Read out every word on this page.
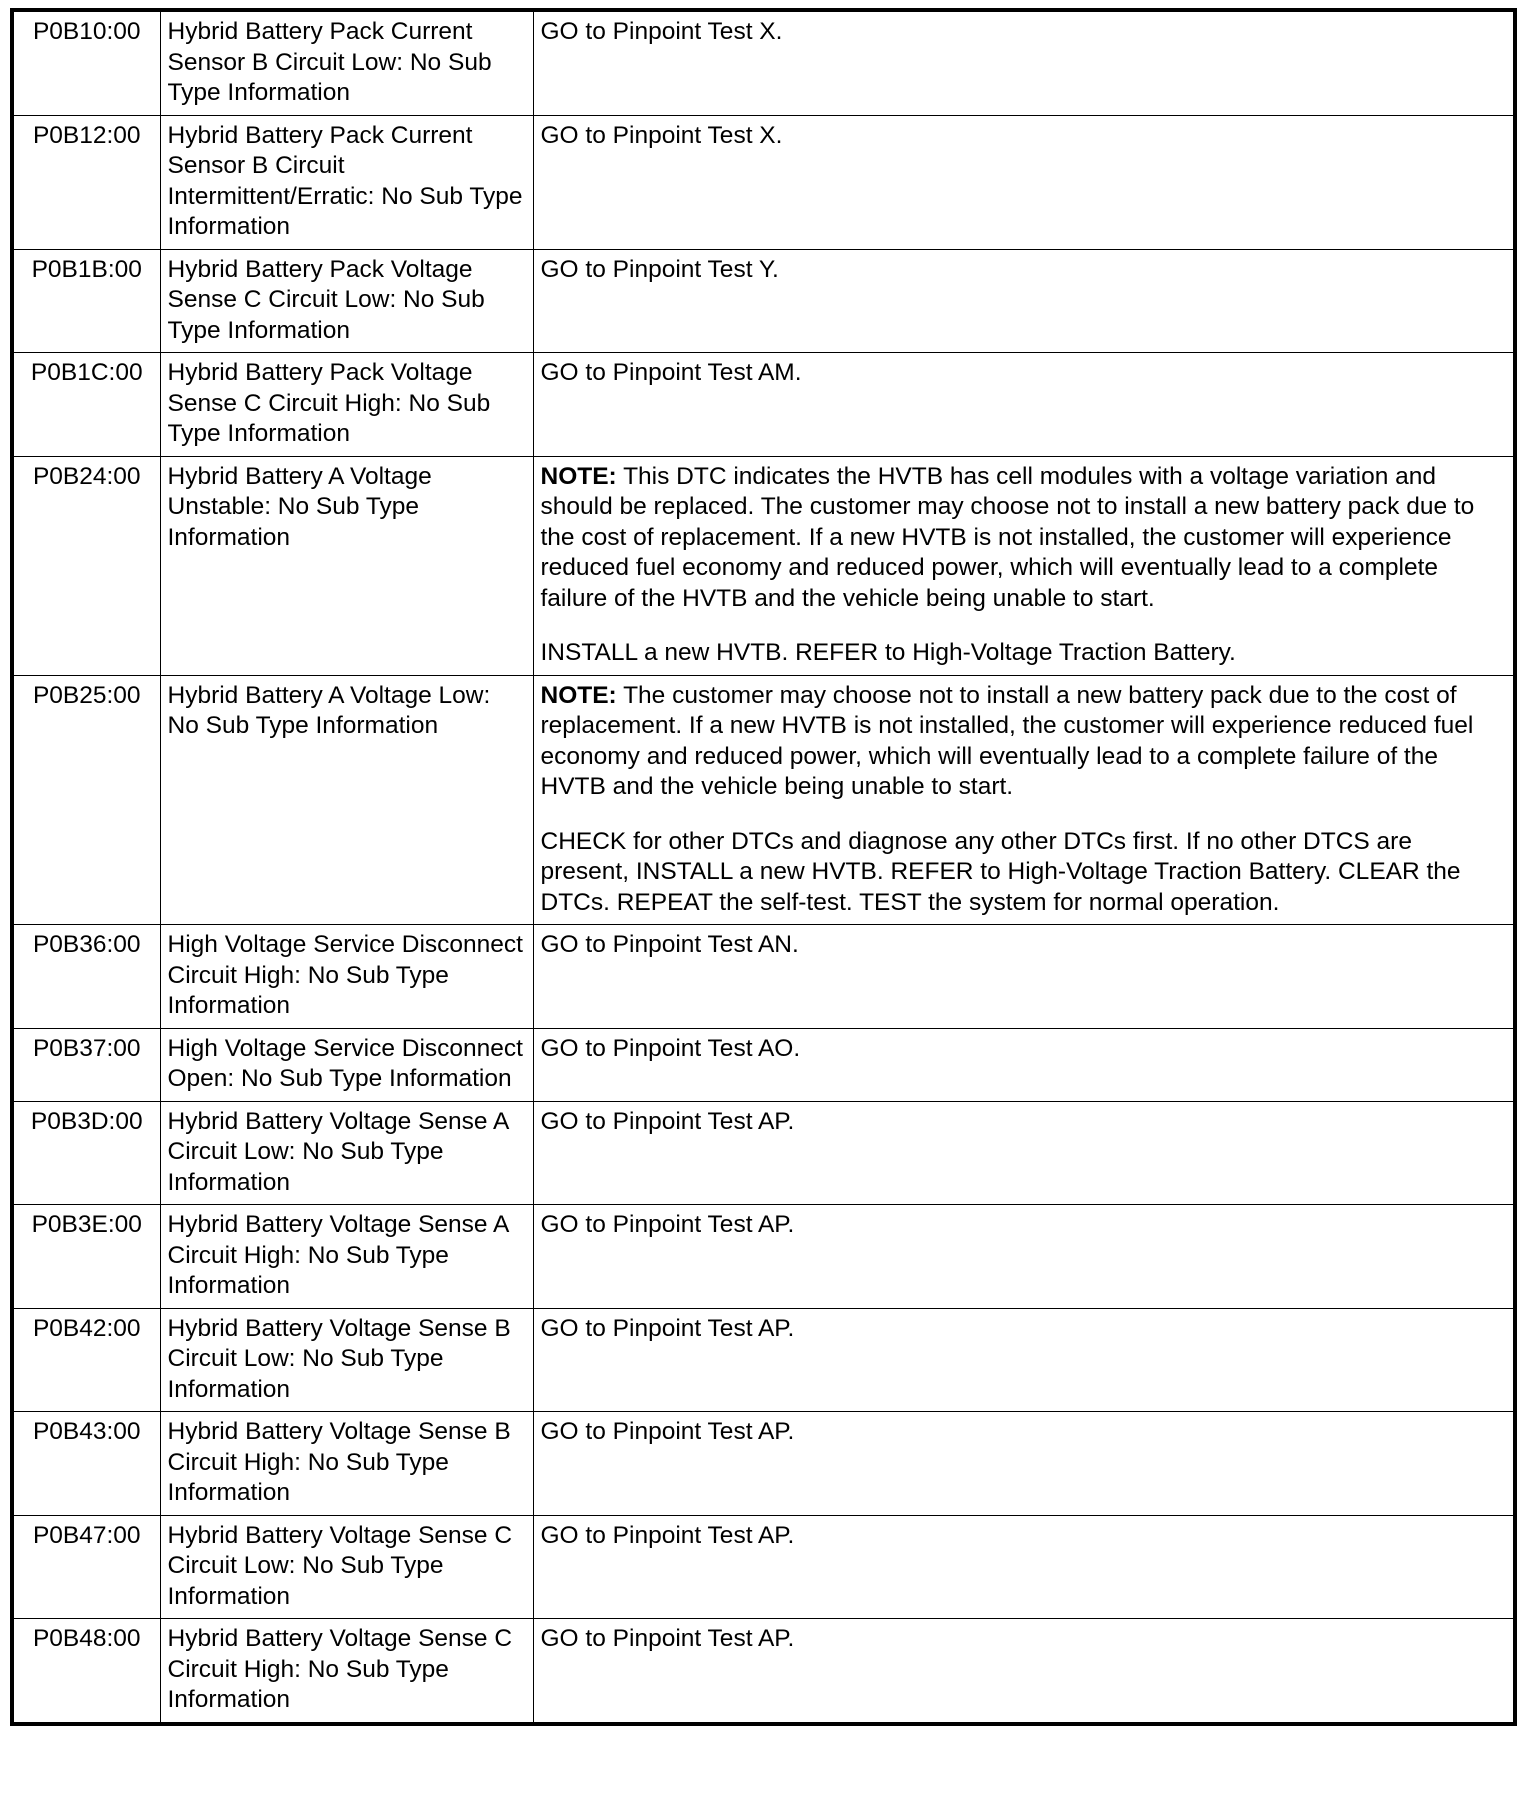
P0B10:00	Hybrid Battery Pack Current Sensor B Circuit Low: No Sub Type Information	GO to Pinpoint Test X.

P0B12:00	Hybrid Battery Pack Current Sensor B Circuit Intermittent/Erratic: No Sub Type Information	GO to Pinpoint Test X.

P0B1B:00	Hybrid Battery Pack Voltage Sense C Circuit Low: No Sub Type Information	GO to Pinpoint Test Y.

P0B1C:00	Hybrid Battery Pack Voltage Sense C Circuit High: No Sub Type Information	GO to Pinpoint Test AM.

P0B24:00	Hybrid Battery A Voltage Unstable: No Sub Type Information	NOTE: This DTC indicates the HVTB has cell modules with a voltage variation and should be replaced. The customer may choose not to install a new battery pack due to the cost of replacement. If a new HVTB is not installed, the customer will experience reduced fuel economy and reduced power, which will eventually lead to a complete failure of the HVTB and the vehicle being unable to start.

INSTALL a new HVTB. REFER to High-Voltage Traction Battery.

P0B25:00	Hybrid Battery A Voltage Low: No Sub Type Information	NOTE: The customer may choose not to install a new battery pack due to the cost of replacement. If a new HVTB is not installed, the customer will experience reduced fuel economy and reduced power, which will eventually lead to a complete failure of the HVTB and the vehicle being unable to start.

CHECK for other DTCs and diagnose any other DTCs first. If no other DTCS are present, INSTALL a new HVTB. REFER to High-Voltage Traction Battery. CLEAR the DTCs. REPEAT the self-test. TEST the system for normal operation.

P0B36:00	High Voltage Service Disconnect Circuit High: No Sub Type Information	GO to Pinpoint Test AN.

P0B37:00	High Voltage Service Disconnect Open: No Sub Type Information	GO to Pinpoint Test AO.

P0B3D:00	Hybrid Battery Voltage Sense A Circuit Low: No Sub Type Information	GO to Pinpoint Test AP.

P0B3E:00	Hybrid Battery Voltage Sense A Circuit High: No Sub Type Information	GO to Pinpoint Test AP.

P0B42:00	Hybrid Battery Voltage Sense B Circuit Low: No Sub Type Information	GO to Pinpoint Test AP.

P0B43:00	Hybrid Battery Voltage Sense B Circuit High: No Sub Type Information	GO to Pinpoint Test AP.

P0B47:00	Hybrid Battery Voltage Sense C Circuit Low: No Sub Type Information	GO to Pinpoint Test AP.

P0B48:00	Hybrid Battery Voltage Sense C Circuit High: No Sub Type Information	GO to Pinpoint Test AP.
